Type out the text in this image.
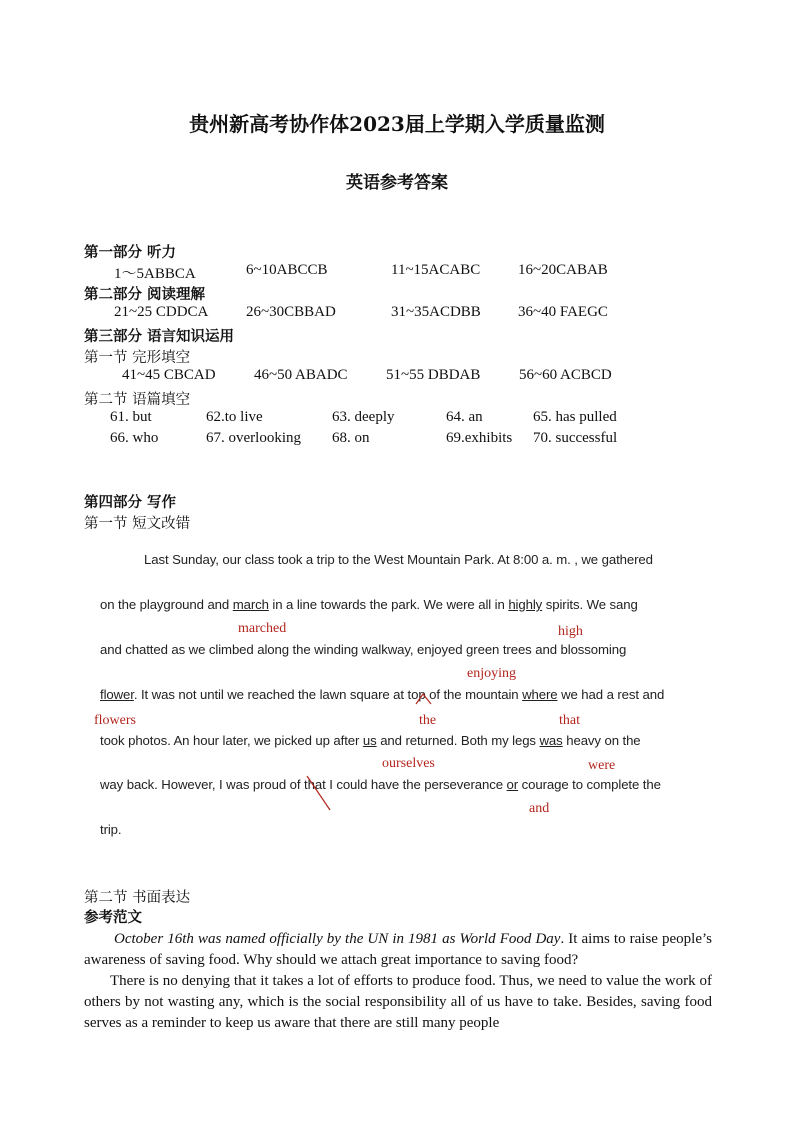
贵州新高考协作体2023届上学期入学质量监测
英语参考答案
第一部分 听力
1～5ABBCA	6~10ABCCB	11~15ACABC	16~20CABAB
第二部分 阅读理解
21~25 CDDCA	26~30CBBAD	31~35ACDBB 36~40 FAEGC
第三部分 语言知识运用
第一节 完形填空
41~45 CBCAD	46~50 ABADC	51~55 DBDAB	56~60 ACBCD
第二节 语篇填空
61. but	62.to live	63. deeply	64. an	65. has pulled
66. who	67. overlooking 68. on	69.exhibits 70. successful
第四部分 写作
第一节 短文改错
Last Sunday, our class took a trip to the West Mountain Park. At 8:00 a. m. , we gathered
on the playground and march in a line towards the park. We were all in highly spirits. We sang
marched	high
and chatted as we climbed along the winding walkway, enjoyed green trees and blossoming
enjoying
flower. It was not until we reached the lawn square at top of the mountain where we had a rest and
flowers	the	that
took photos. An hour later, we picked up after us and returned. Both my legs was heavy on the
ourselves	were
way back. However, I was proud of that I could have the perseverance or courage to complete the
and
trip.
第二节 书面表达
参考范文
October 16th was named officially by the UN in 1981 as World Food Day. It aims to raise people’s awareness of saving food. Why should we attach great importance to saving food?
There is no denying that it takes a lot of efforts to produce food. Thus, we need to value the work of others by not wasting any, which is the social responsibility all of us have to take. Besides, saving food serves as a reminder to keep us aware that there are still many people
